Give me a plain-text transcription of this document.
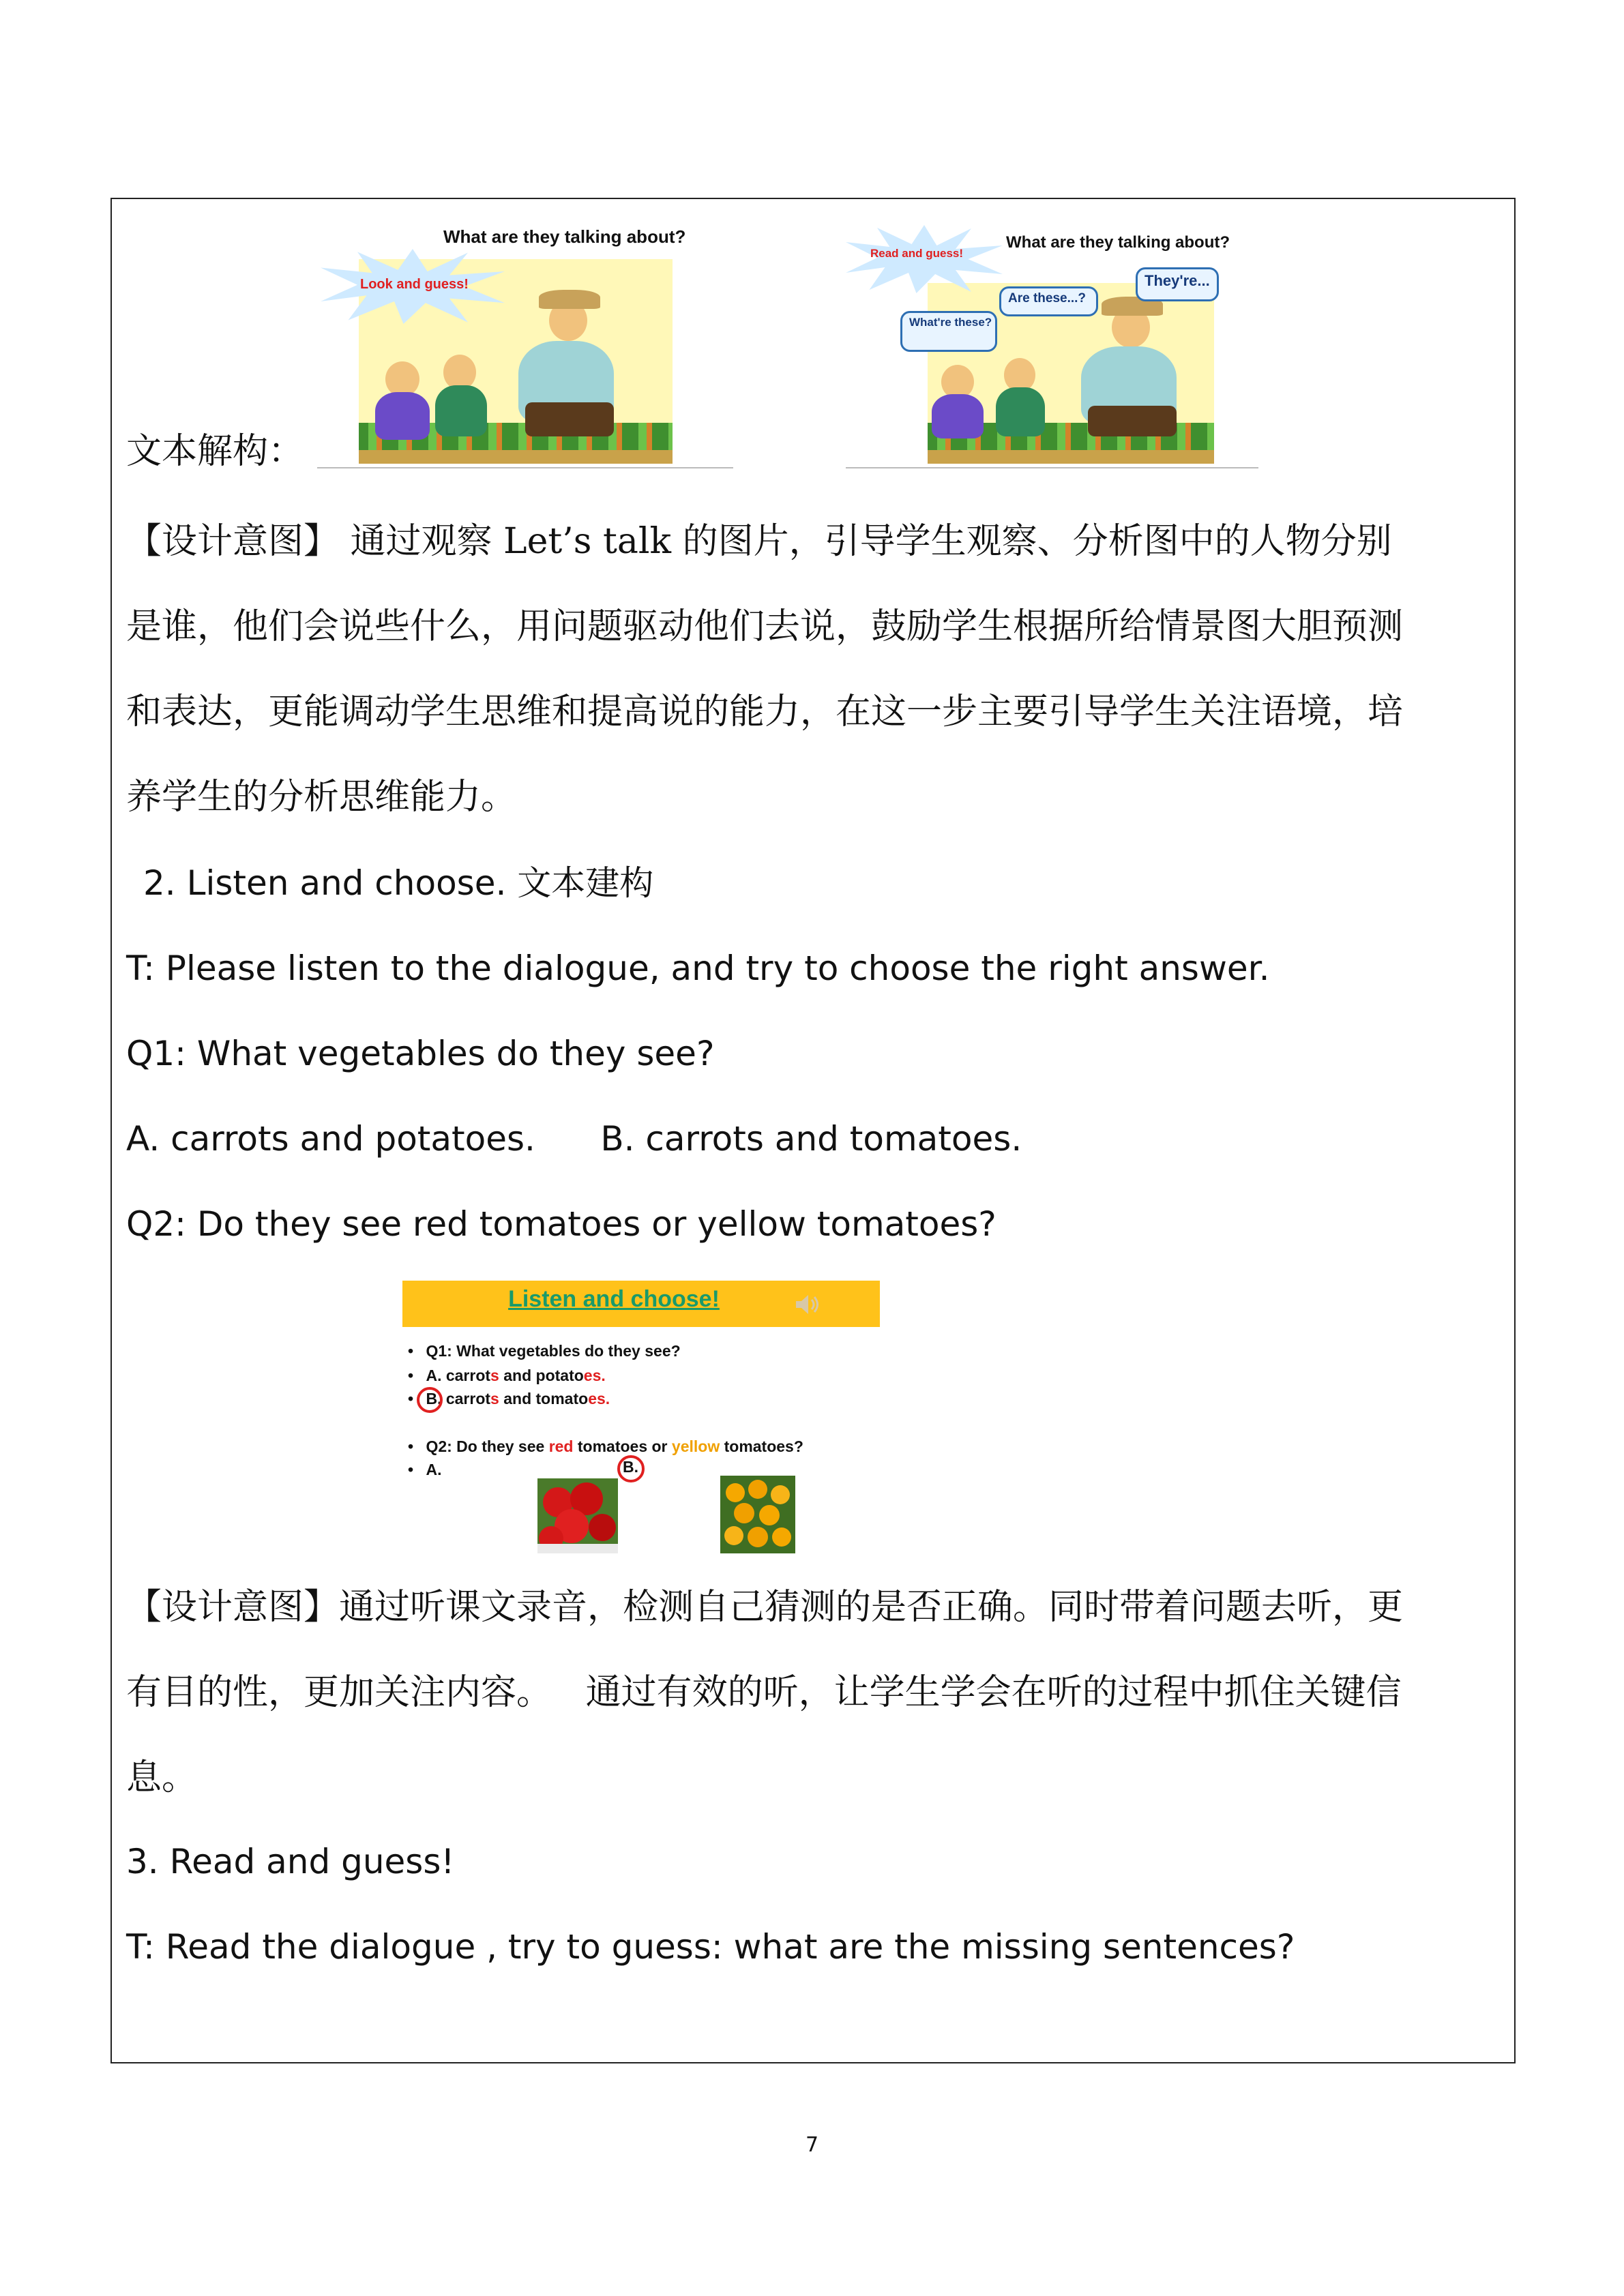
Look and guess!
What are they talking about?
Read and guess!
What are they talking about?
They're...
Are these...?
What're these?
文本解构：
【设计意图】 通过观察 Let’s talk 的图片，引导学生观察、分析图中的人物分别
是谁，他们会说些什么，用问题驱动他们去说，鼓励学生根据所给情景图大胆预测
和表达，更能调动学生思维和提高说的能力，在这一步主要引导学生关注语境，培
养学生的分析思维能力。
2. Listen and choose. 文本建构
T: Please listen to the dialogue, and try to choose the right answer.
Q1: What vegetables do they see?
A. carrots and potatoes.      B. carrots and tomatoes.
Q2: Do they see red tomatoes or yellow tomatoes?
Listen and choose!
• Q1: What vegetables do they see?
• A. carrots and potatoes.
• B. carrots and tomatoes.
• Q2: Do they see red tomatoes or yellow tomatoes?
• A.	B.
【设计意图】通过听课文录音，检测自己猜测的是否正确。同时带着问题去听，更
有目的性，更加关注内容。   通过有效的听，让学生学会在听的过程中抓住关键信
息。
3. Read and guess!
T: Read the dialogue , try to guess: what are the missing sentences?
7
